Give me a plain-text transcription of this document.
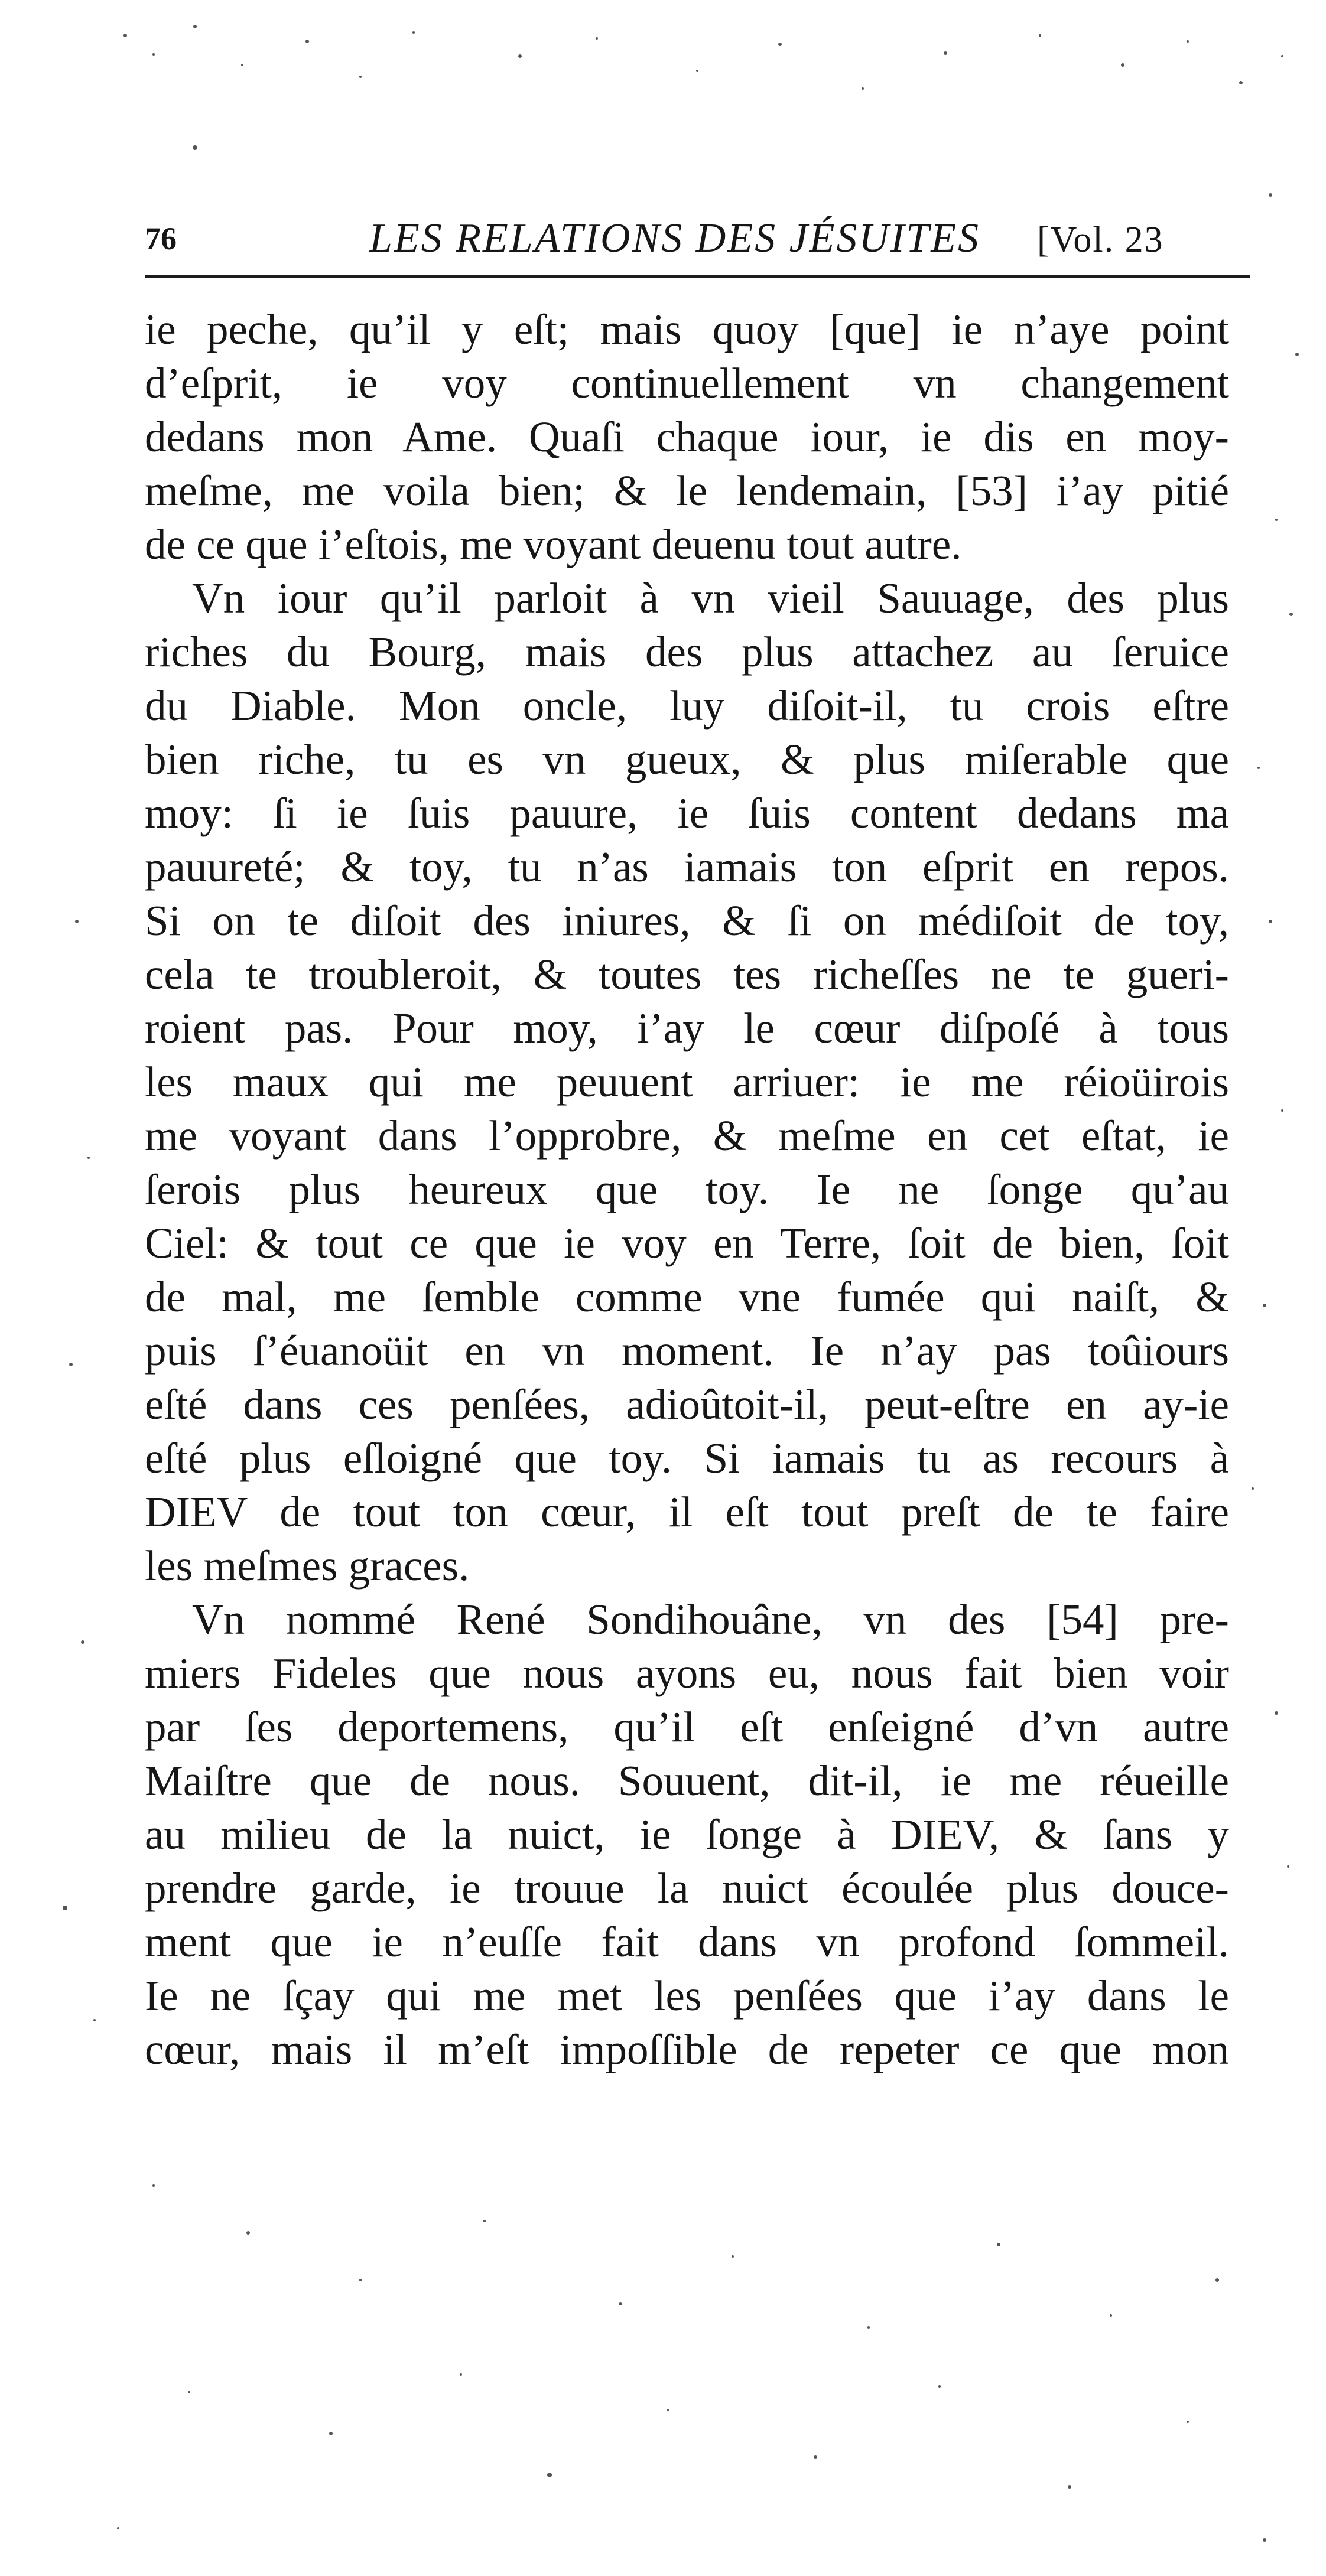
76	LES RELATIONS DES JÉSUITES [Vol. 23
ie peche, qu’il y eſt; mais quoy [que] ie n’aye point
d’eſprit, ie voy continuellement vn changement
dedans mon Ame. Quaſi chaque iour, ie dis en moy-
meſme, me voila bien; & le lendemain, [53] i’ay pitié
de ce que i’eſtois, me voyant deuenu tout autre.
Vn iour qu’il parloit à vn vieil Sauuage, des plus
riches du Bourg, mais des plus attachez au ſeruice
du Diable. Mon oncle, luy diſoit-il, tu crois eſtre
bien riche, tu es vn gueux, & plus miſerable que
moy: ſi ie ſuis pauure, ie ſuis content dedans ma
pauureté; & toy, tu n’as iamais ton eſprit en repos.
Si on te diſoit des iniures, & ſi on médiſoit de toy,
cela te troubleroit, & toutes tes richeſſes ne te gueri-
roient pas. Pour moy, i’ay le cœur diſpoſé à tous
les maux qui me peuuent arriuer: ie me réioüirois
me voyant dans l’opprobre, & meſme en cet eſtat, ie
ſerois plus heureux que toy. Ie ne ſonge qu’au
Ciel: & tout ce que ie voy en Terre, ſoit de bien, ſoit
de mal, me ſemble comme vne fumée qui naiſt, &
puis ſ’éuanoüit en vn moment. Ie n’ay pas toûiours
eſté dans ces penſées, adioûtoit-il, peut-eſtre en ay-ie
eſté plus eſloigné que toy. Si iamais tu as recours à
DIEV de tout ton cœur, il eſt tout preſt de te faire
les meſmes graces.
Vn nommé René Sondihouâne, vn des [54] pre-
miers Fideles que nous ayons eu, nous fait bien voir
par ſes deportemens, qu’il eſt enſeigné d’vn autre
Maiſtre que de nous. Souuent, dit-il, ie me réueille
au milieu de la nuict, ie ſonge à DIEV, & ſans y
prendre garde, ie trouue la nuict écoulée plus douce-
ment que ie n’euſſe fait dans vn profond ſommeil.
Ie ne ſçay qui me met les penſées que i’ay dans le
cœur, mais il m’eſt impoſſible de repeter ce que mon
